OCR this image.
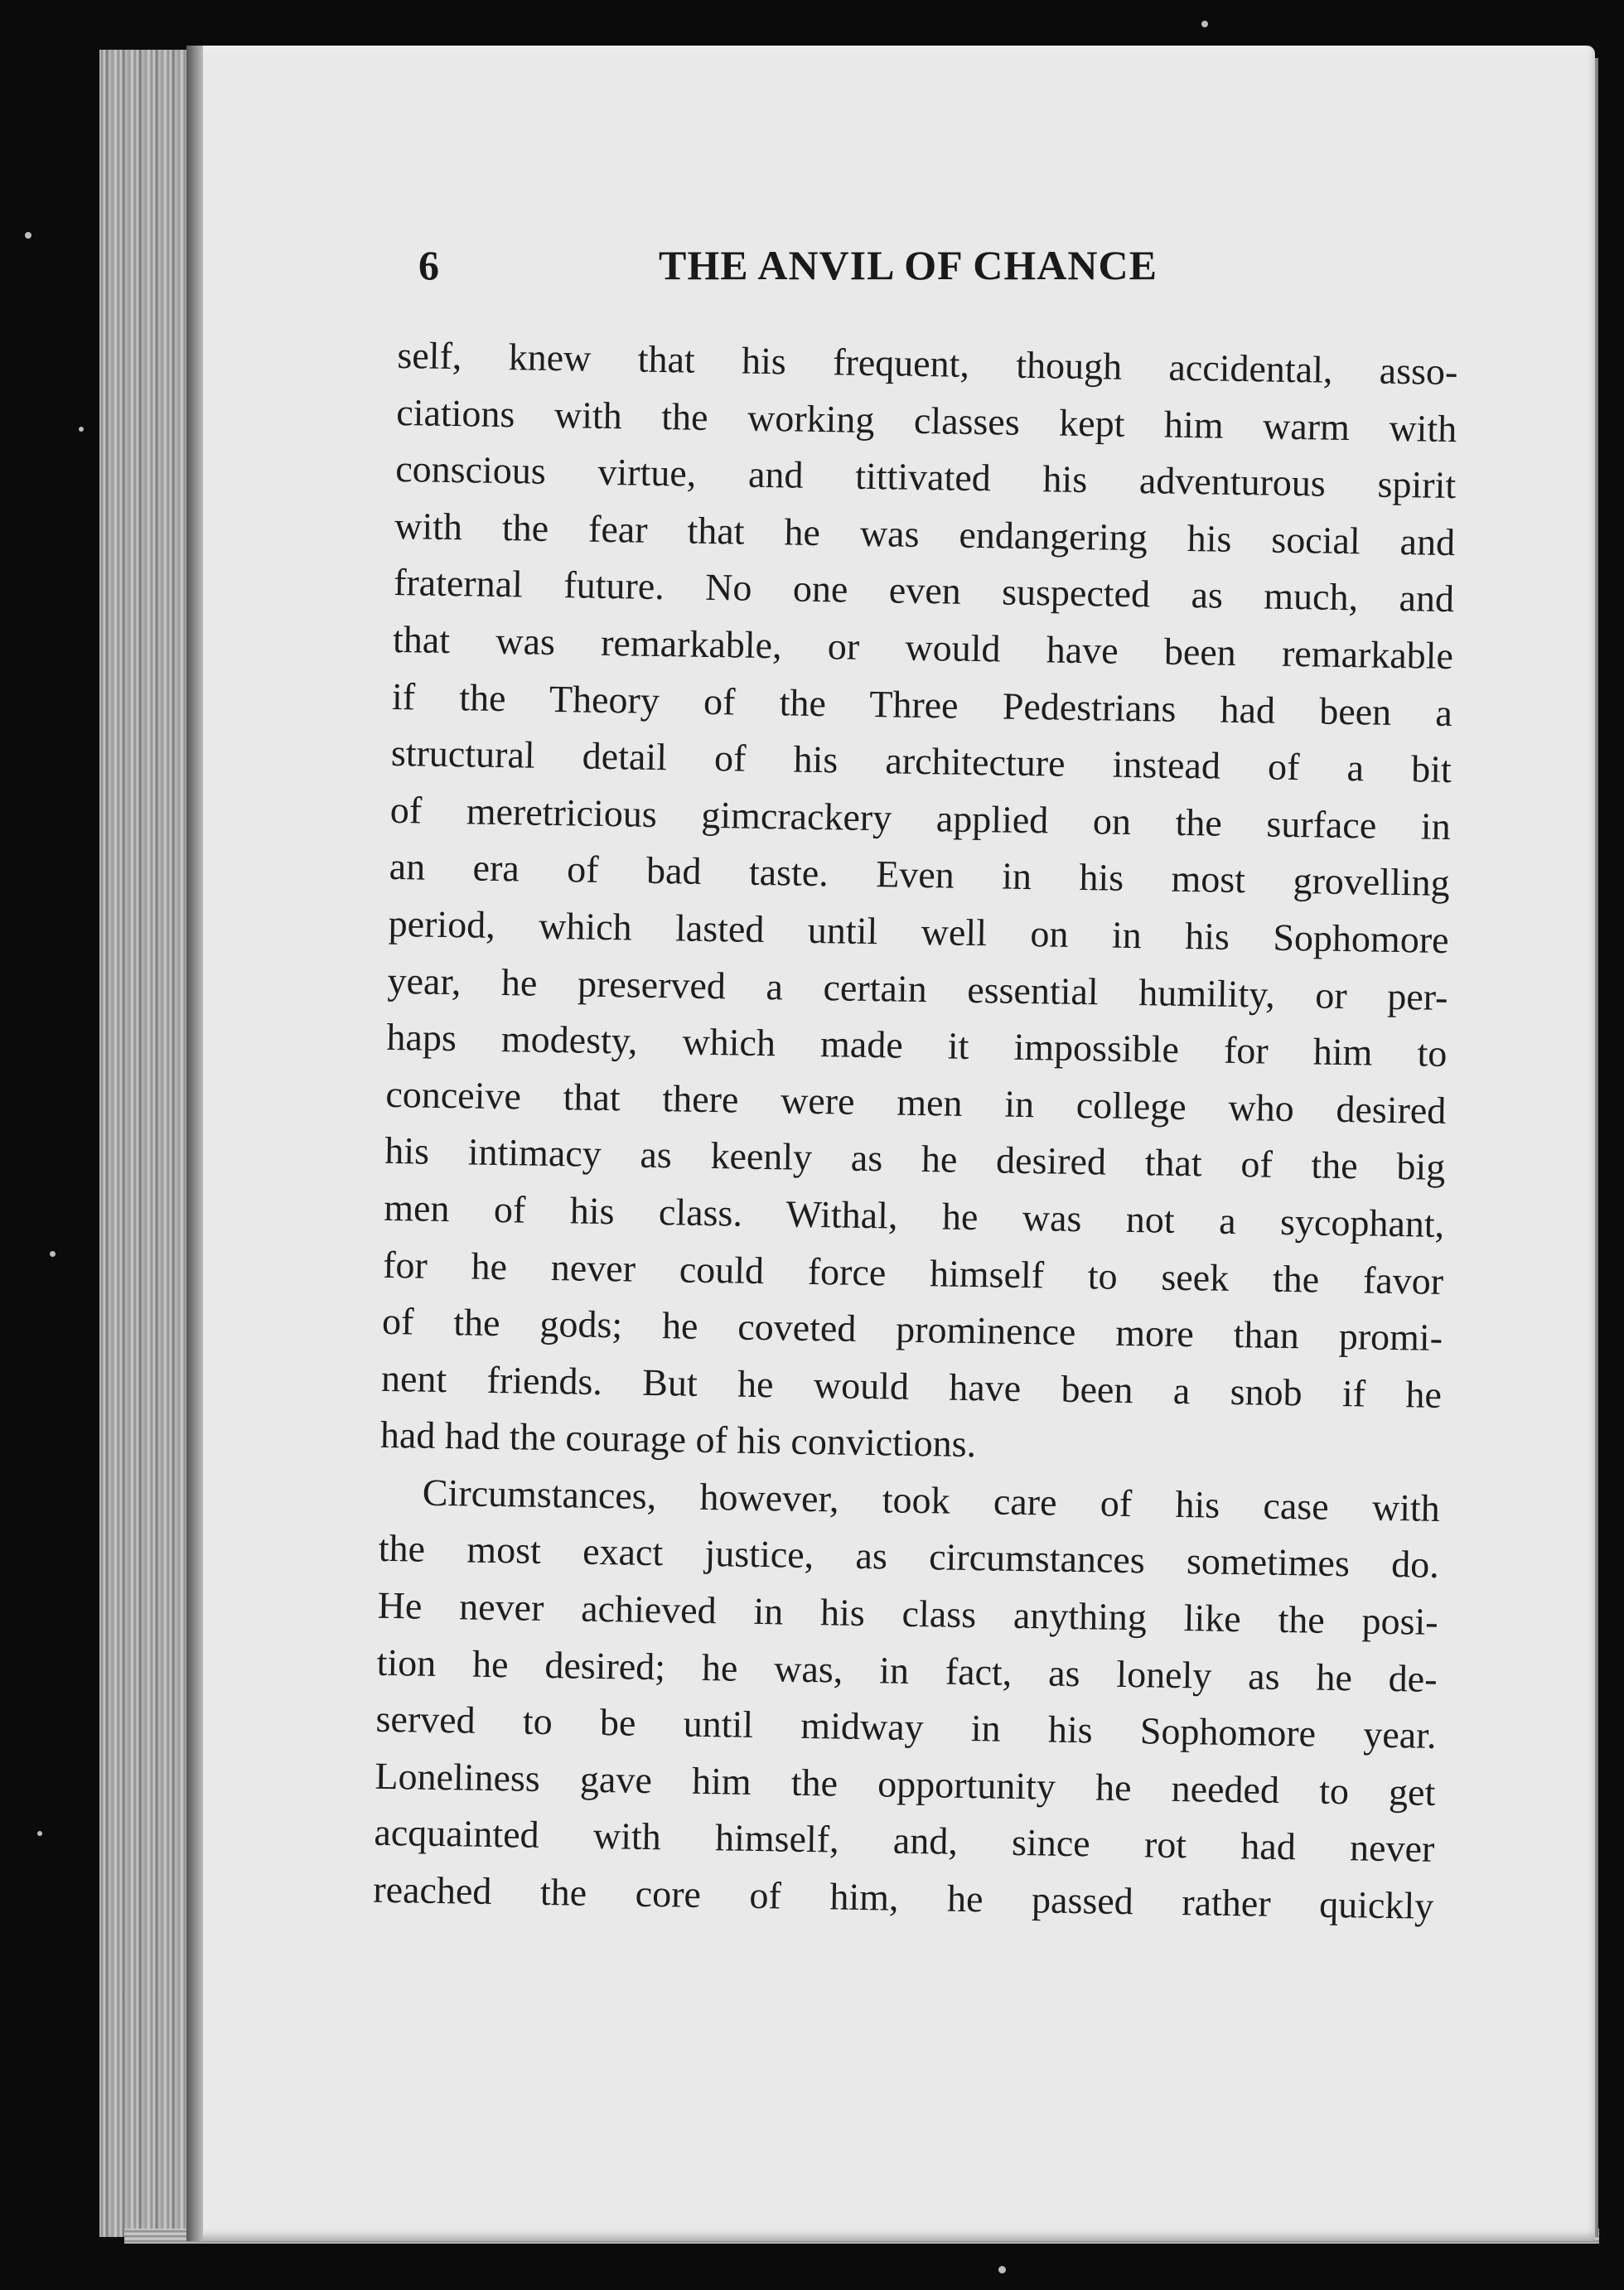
6	THE ANVIL OF CHANCE
self, knew that his frequent, though accidental, asso-
ciations with the working classes kept him warm with
conscious virtue, and tittivated his adventurous spirit
with the fear that he was endangering his social and
fraternal future. No one even suspected as much, and
that was remarkable, or would have been remarkable
if the Theory of the Three Pedestrians had been a
structural detail of his architecture instead of a bit
of meretricious gimcrackery applied on the surface in
an era of bad taste. Even in his most grovelling
period, which lasted until well on in his Sophomore
year, he preserved a certain essential humility, or per-
haps modesty, which made it impossible for him to
conceive that there were men in college who desired
his intimacy as keenly as he desired that of the big
men of his class. Withal, he was not a sycophant,
for he never could force himself to seek the favor
of the gods; he coveted prominence more than promi-
nent friends. But he would have been a snob if he
had had the courage of his convictions.
Circumstances, however, took care of his case with
the most exact justice, as circumstances sometimes do.
He never achieved in his class anything like the posi-
tion he desired; he was, in fact, as lonely as he de-
served to be until midway in his Sophomore year.
Loneliness gave him the opportunity he needed to get
acquainted with himself, and, since rot had never
reached the core of him, he passed rather quickly
